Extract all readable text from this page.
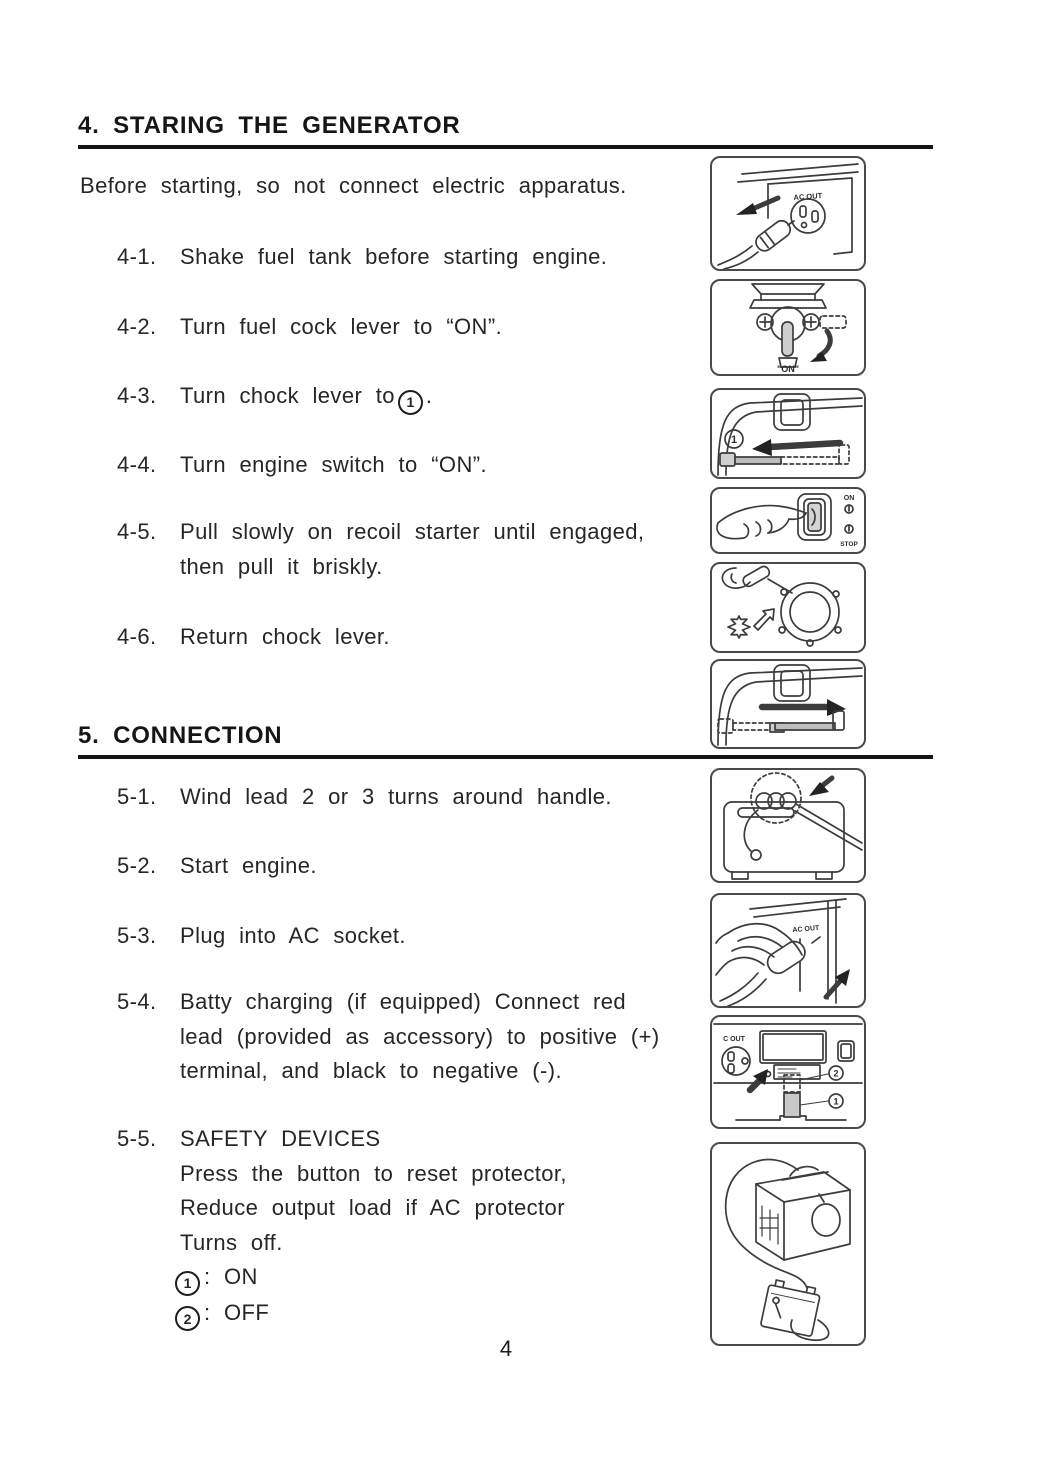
4. STARING THE GENERATOR
Before starting, so not connect electric apparatus.
4-1.	Shake fuel tank before starting engine.
4-2.	Turn fuel cock lever to “ON”.
4-3.	Turn chock lever to 1 .
4-4.	Turn engine switch to “ON”.
4-5.	Pull slowly on recoil starter until engaged,
then pull it briskly.
4-6.	Return chock lever.
5. CONNECTION
5-1.	Wind lead 2 or 3 turns around handle.
5-2.	Start engine.
5-3.	Plug into AC socket.
5-4.	Batty charging (if equipped) Connect red
lead (provided as accessory) to positive (+)
terminal, and black to negative (-).
5-5.	SAFETY DEVICES
Press the button to reset protector,
Reduce output load if AC protector
Turns off.
1 : ON
2 : OFF
4
AC OUT
"ON"
1
ON
STOP
AC OUT
C OUT
2
1
